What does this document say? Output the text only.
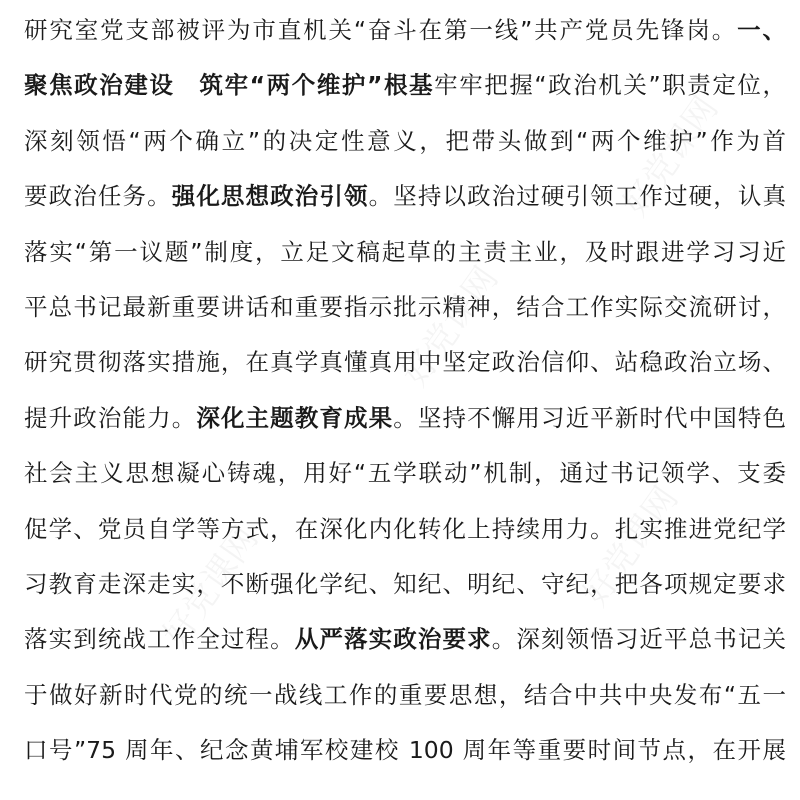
研究室党支部被评为市直机关“奋斗在第一线”共产党员先锋岗。一、
聚焦政治建设　筑牢“两个维护”根基牢牢把握“政治机关”职责定位，
深刻领悟“两个确立”的决定性意义，把带头做到“两个维护”作为首
要政治任务。强化思想政治引领。坚持以政治过硬引领工作过硬，认真
落实“第一议题”制度，立足文稿起草的主责主业，及时跟进学习习近
平总书记最新重要讲话和重要指示批示精神，结合工作实际交流研讨，
研究贯彻落实措施，在真学真懂真用中坚定政治信仰、站稳政治立场、
提升政治能力。深化主题教育成果。坚持不懈用习近平新时代中国特色
社会主义思想凝心铸魂，用好“五学联动”机制，通过书记领学、支委
促学、党员自学等方式，在深化内化转化上持续用力。扎实推进党纪学
习教育走深走实，不断强化学纪、知纪、明纪、守纪，把各项规定要求
落实到统战工作全过程。从严落实政治要求。深刻领悟习近平总书记关
于做好新时代党的统一战线工作的重要思想，结合中共中央发布“五一
口号”75 周年、纪念黄埔军校建校 100 周年等重要时间节点，在开展
